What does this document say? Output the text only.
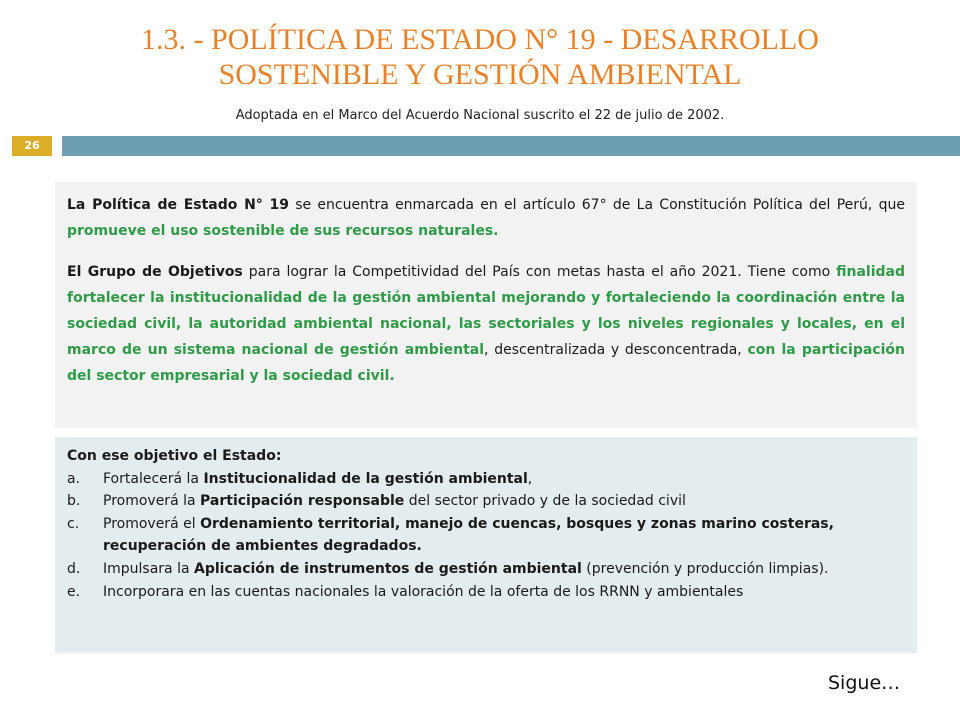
1.3. - POLÍTICA DE ESTADO N° 19 - DESARROLLO
SOSTENIBLE Y GESTIÓN AMBIENTAL
Adoptada en el Marco del Acuerdo Nacional suscrito el 22 de julio de 2002.
26

La Política de Estado N° 19 se encuentra enmarcada en el artículo 67° de La Constitución Política del Perú, que promueve el uso sostenible de sus recursos naturales.

El Grupo de Objetivos para lograr la Competitividad del País con metas hasta el año 2021. Tiene como finalidad fortalecer la institucionalidad de la gestión ambiental mejorando y fortaleciendo la coordinación entre la sociedad civil, la autoridad ambiental nacional, las sectoriales y los niveles regionales y locales, en el marco de un sistema nacional de gestión ambiental, descentralizada y desconcentrada, con la participación del sector empresarial y la sociedad civil.

Con ese objetivo el Estado:
a. Fortalecerá la Institucionalidad de la gestión ambiental,
b. Promoverá la Participación responsable del sector privado y de la sociedad civil
c. Promoverá el Ordenamiento territorial, manejo de cuencas, bosques y zonas marino costeras, recuperación de ambientes degradados.
d. Impulsara la Aplicación de instrumentos de gestión ambiental (prevención y producción limpias).
e. Incorporara en las cuentas nacionales la valoración de la oferta de los RRNN y ambientales
Sigue…
